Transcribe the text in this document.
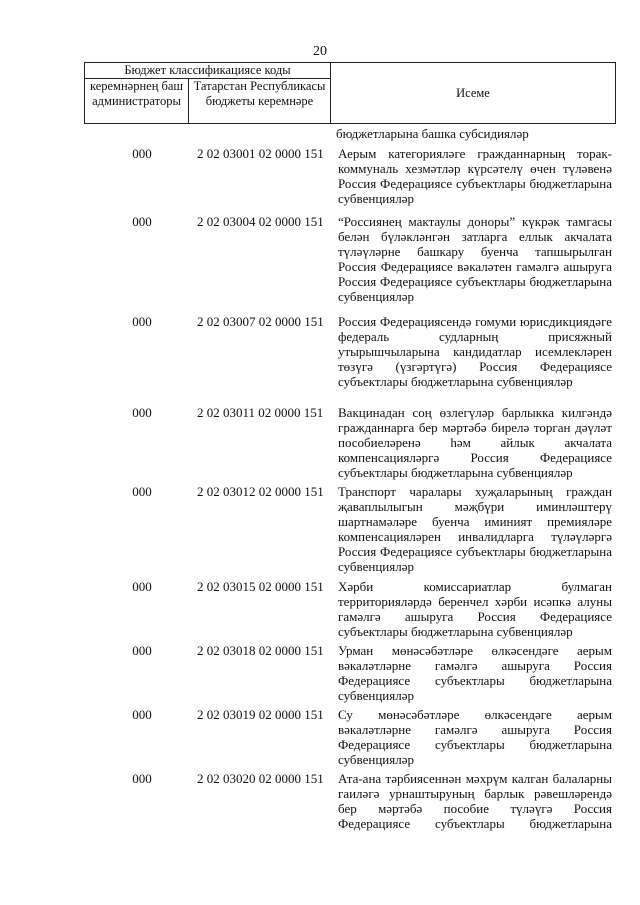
20
Бюджет классификациясе коды
керемнәрнең баш администраторы
Татарстан Республикасы бюджеты керемнәре
Исеме
бюджетларына башка субсидияләр
000	2 02 03001 02 0000 151 Аерым категорияләге гражданнарның торак-коммуналь хезмәтләр күрсәтелү өчен түләвенә Россия Федерациясе субъектлары бюджетларына субвенцияләр
000	2 02 03004 02 0000 151 “Россиянең мактаулы доноры” күкрәк тамгасы белән бүләкләнгән затларга еллык акчалата түләүләрне башкару буенча тапшырылган Россия Федерациясе вәкаләтен гамәлгә ашыруга Россия Федерациясе субъектлары бюджетларына субвенцияләр
000	2 02 03007 02 0000 151 Россия Федерациясендә гомуми юрисдикциядәге федераль судларның присяжный утырышчыларына кандидатлар исемлекләрен төзүгә (үзгәртүгә) Россия Федерациясе субъектлары бюджетларына субвенцияләр
000	2 02 03011 02 0000 151 Вакцинадан соң өзлегүләр барлыкка килгәндә гражданнарга бер мәртәбә бирелә торган дәүләт пособиеләренә һәм айлык акчалата компенсацияләргә Россия Федерациясе субъектлары бюджетларына субвенцияләр
000	2 02 03012 02 0000 151 Транспорт чаралары хуҗаларының граждан җаваплылыгын мәҗбүри иминләштерү шартнамәләре буенча иминият премияләре компенсацияләрен инвалидларга түләүләргә Россия Федерациясе субъектлары бюджетларына субвенцияләр
000	2 02 03015 02 0000 151 Хәрби комиссариатлар булмаган территорияләрдә беренчел хәрби исәпкә алуны гамәлгә ашыруга Россия Федерациясе субъектлары бюджетларына субвенцияләр
000	2 02 03018 02 0000 151 Урман мөнәсәбәтләре өлкәсендәге аерым вәкаләтләрне гамәлгә ашыруга Россия Федерациясе субъектлары бюджетларына субвенцияләр
000	2 02 03019 02 0000 151 Су мөнәсәбәтләре өлкәсендәге аерым вәкаләтләрне гамәлгә ашыруга Россия Федерациясе субъектлары бюджетларына субвенцияләр
000	2 02 03020 02 0000 151 Ата-ана тәрбиясеннән мәхрүм калган балаларны гаиләгә урнаштыруның барлык рәвешләрендә бер мәртәбә пособие түләүгә Россия Федерациясе субъектлары бюджетларына
